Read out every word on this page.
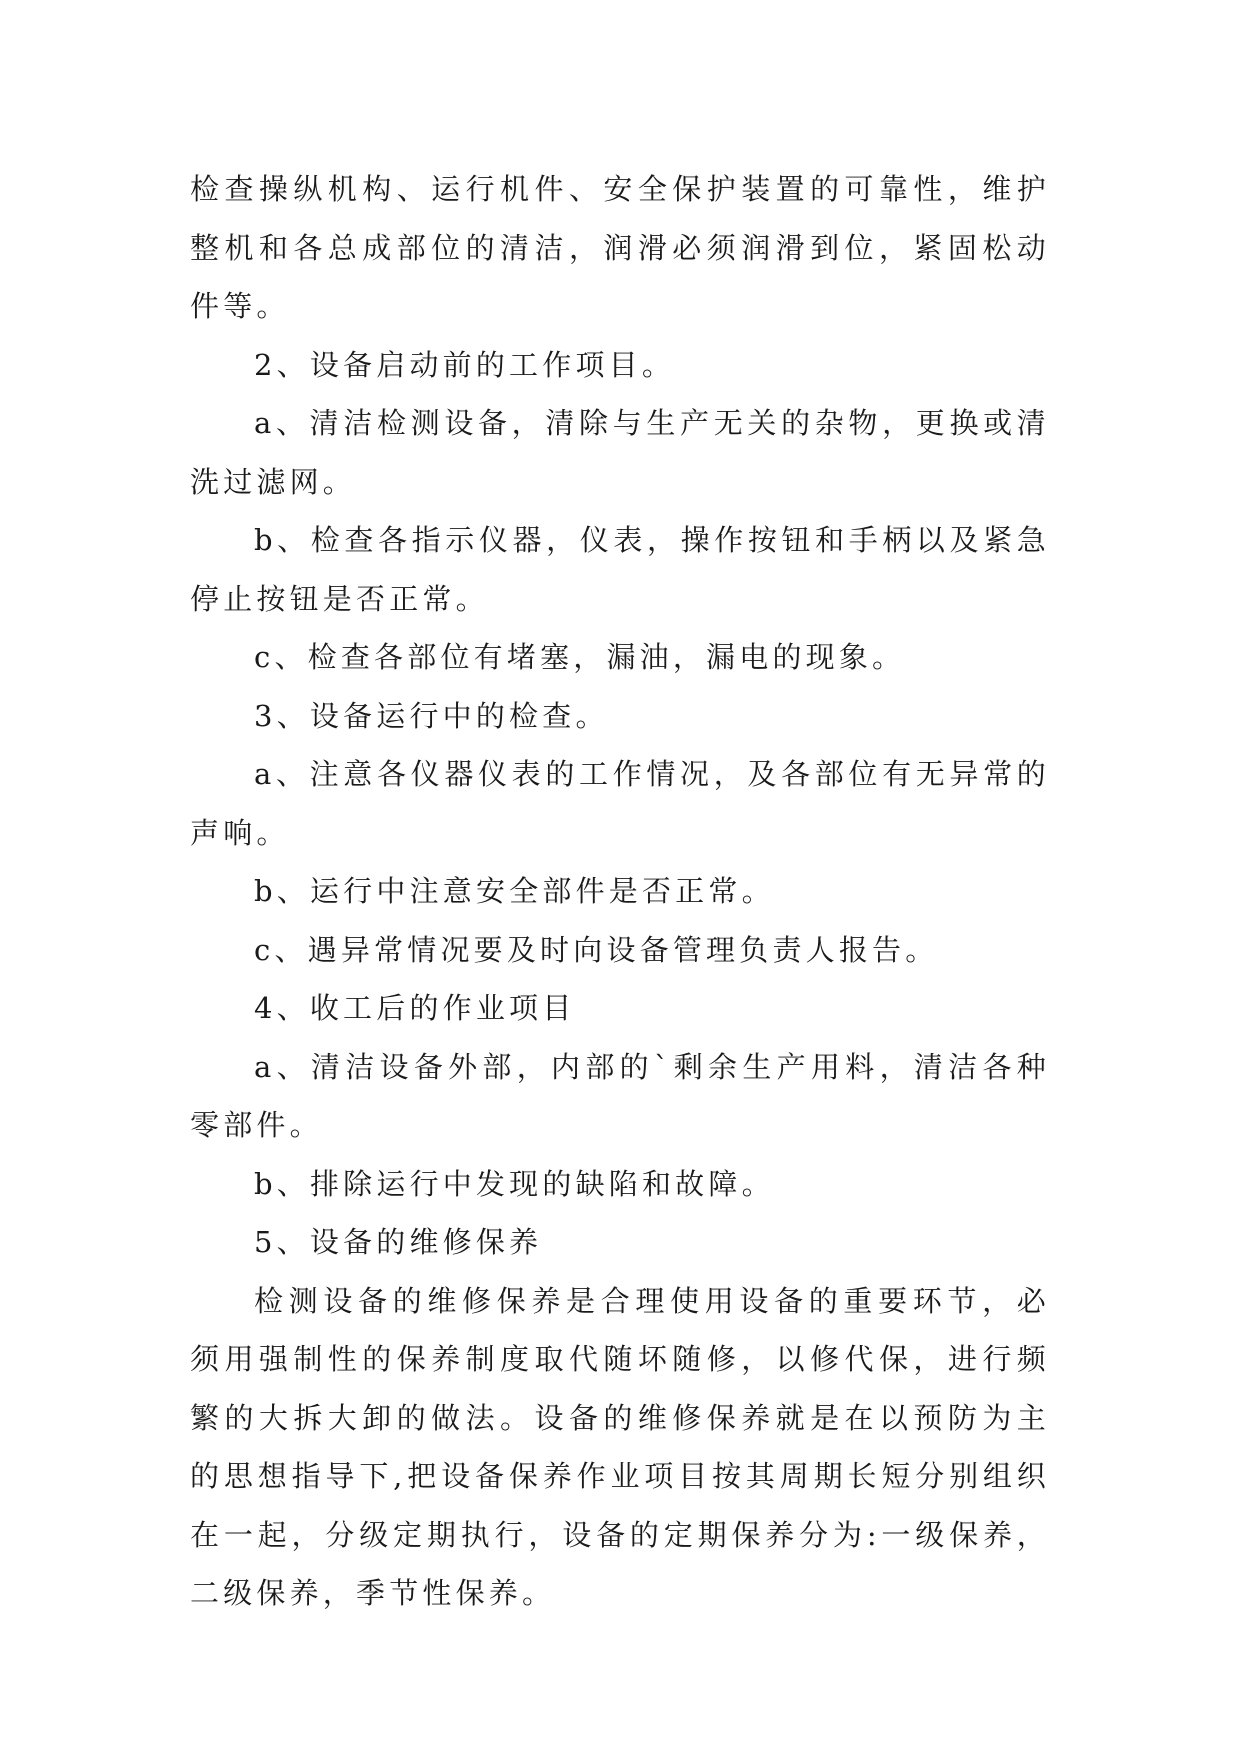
检查操纵机构、运行机件、安全保护装置的可靠性，维护整机和各总成部位的清洁，润滑必须润滑到位，紧固松动件等。

2、设备启动前的工作项目。

a、清洁检测设备，清除与生产无关的杂物，更换或清洗过滤网。

b、检查各指示仪器，仪表，操作按钮和手柄以及紧急停止按钮是否正常。

c、检查各部位有堵塞，漏油，漏电的现象。

3、设备运行中的检查。

a、注意各仪器仪表的工作情况，及各部位有无异常的声响。

b、运行中注意安全部件是否正常。

c、遇异常情况要及时向设备管理负责人报告。

4、收工后的作业项目

a、清洁设备外部，内部的`剩余生产用料，清洁各种零部件。

b、排除运行中发现的缺陷和故障。

5、设备的维修保养

检测设备的维修保养是合理使用设备的重要环节，必须用强制性的保养制度取代随坏随修，以修代保，进行频繁的大拆大卸的做法。设备的维修保养就是在以预防为主的思想指导下,把设备保养作业项目按其周期长短分别组织在一起，分级定期执行，设备的定期保养分为:一级保养，二级保养，季节性保养。
